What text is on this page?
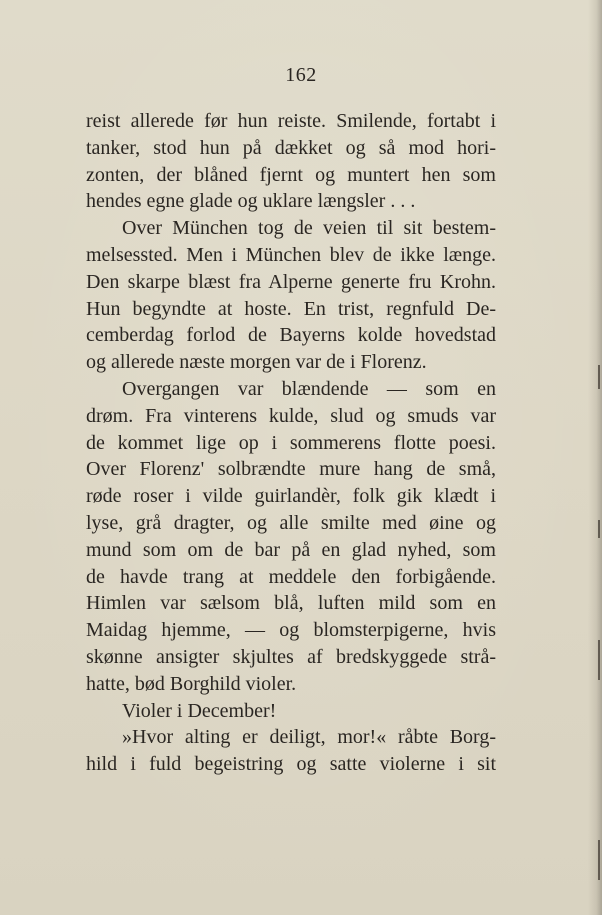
162
reist allerede før hun reiste. Smilende, fortabt i
tanker, stod hun på dækket og så mod hori-
zonten, der blåned fjernt og muntert hen som
hendes egne glade og uklare længsler . . .
Over München tog de veien til sit bestem-
melsessted. Men i München blev de ikke længe.
Den skarpe blæst fra Alperne generte fru Krohn.
Hun begyndte at hoste. En trist, regnfuld De-
cemberdag forlod de Bayerns kolde hovedstad
og allerede næste morgen var de i Florenz.
Overgangen var blændende — som en
drøm. Fra vinterens kulde, slud og smuds var
de kommet lige op i sommerens flotte poesi.
Over Florenz' solbrændte mure hang de små,
røde roser i vilde guirlandèr, folk gik klædt i
lyse, grå dragter, og alle smilte med øine og
mund som om de bar på en glad nyhed, som
de havde trang at meddele den forbigående.
Himlen var sælsom blå, luften mild som en
Maidag hjemme, — og blomsterpigerne, hvis
skønne ansigter skjultes af bredskyggede strå-
hatte, bød Borghild violer.
Violer i December!
»Hvor alting er deiligt, mor!« råbte Borg-
hild i fuld begeistring og satte violerne i sit
